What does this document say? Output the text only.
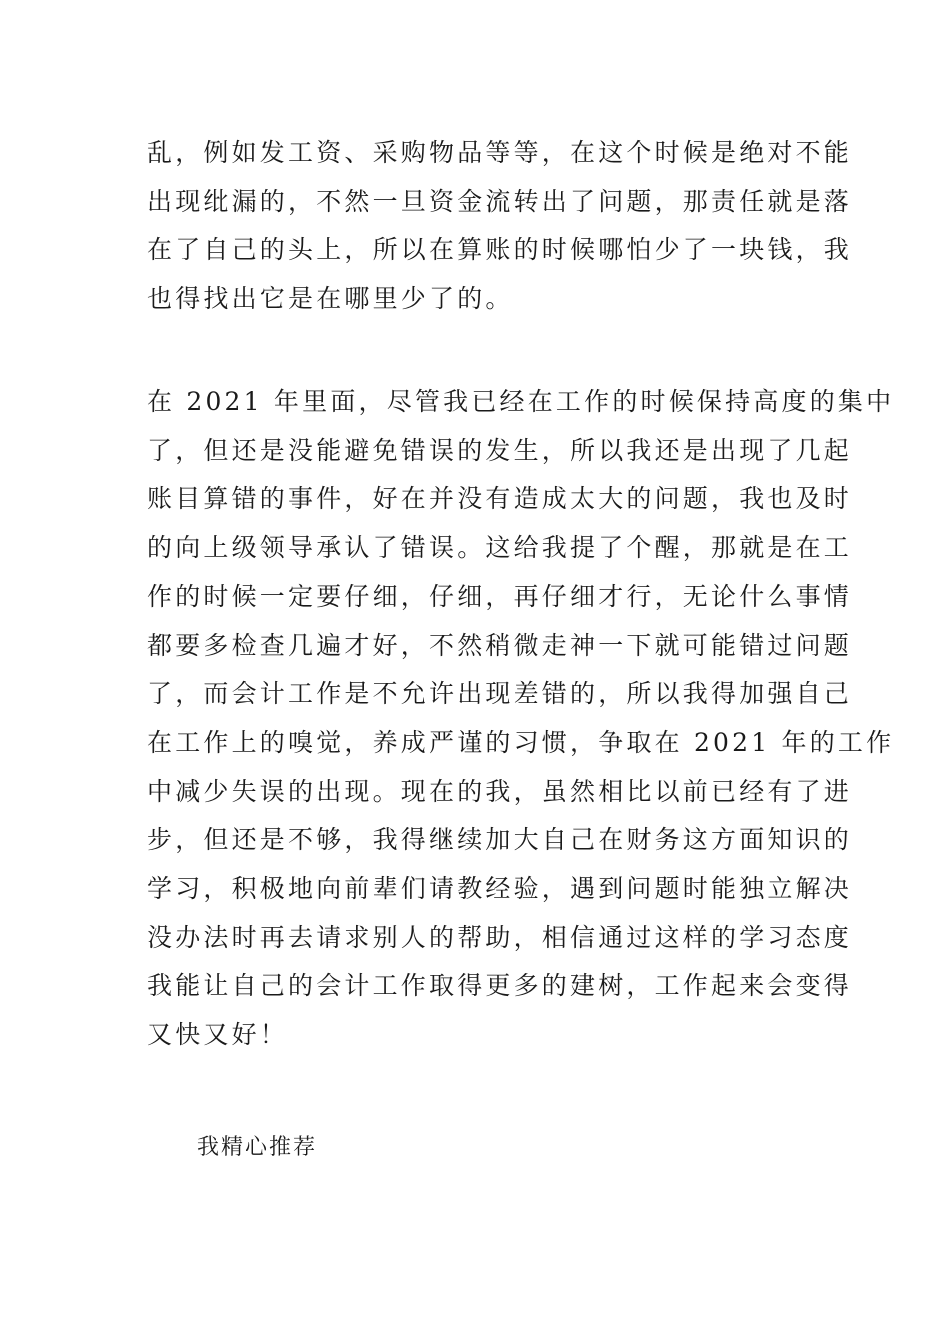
乱，例如发工资、采购物品等等，在这个时候是绝对不能
出现纰漏的，不然一旦资金流转出了问题，那责任就是落
在了自己的头上，所以在算账的时候哪怕少了一块钱，我
也得找出它是在哪里少了的。
在 2021 年里面，尽管我已经在工作的时候保持高度的集中
了，但还是没能避免错误的发生，所以我还是出现了几起
账目算错的事件，好在并没有造成太大的问题，我也及时
的向上级领导承认了错误。这给我提了个醒，那就是在工
作的时候一定要仔细，仔细，再仔细才行，无论什么事情
都要多检查几遍才好，不然稍微走神一下就可能错过问题
了，而会计工作是不允许出现差错的，所以我得加强自己
在工作上的嗅觉，养成严谨的习惯，争取在 2021 年的工作
中减少失误的出现。现在的我，虽然相比以前已经有了进
步，但还是不够，我得继续加大自己在财务这方面知识的
学习，积极地向前辈们请教经验，遇到问题时能独立解决
没办法时再去请求别人的帮助，相信通过这样的学习态度
我能让自己的会计工作取得更多的建树，工作起来会变得
又快又好！
我精心推荐
